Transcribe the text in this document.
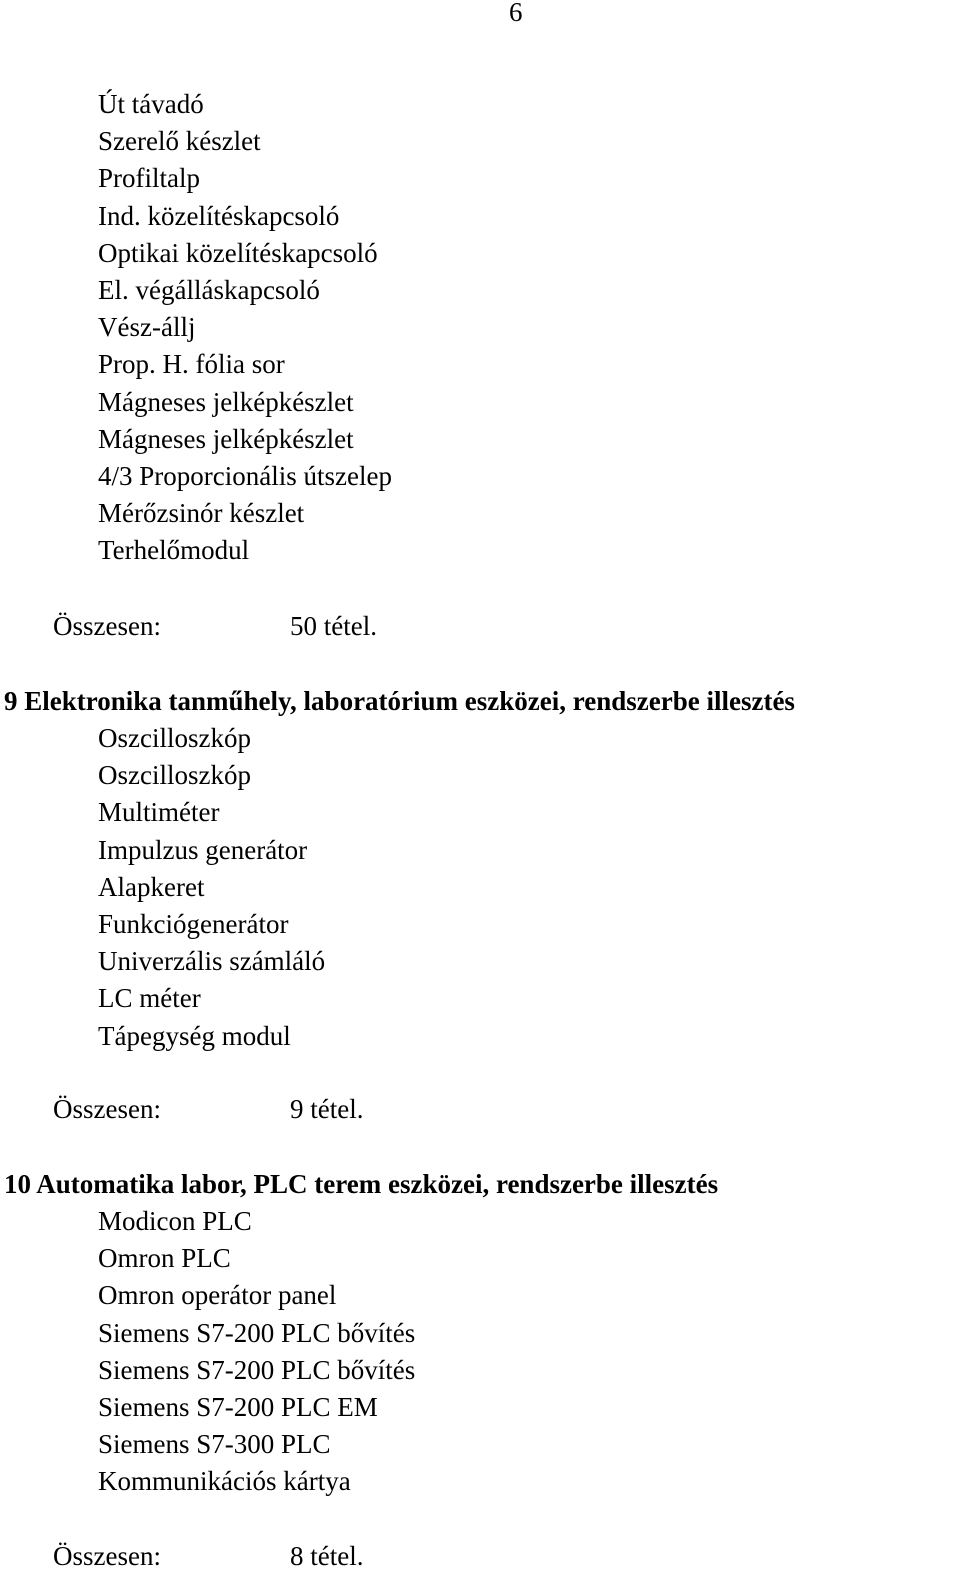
6
Út távadó
Szerelő készlet
Profiltalp
Ind. közelítéskapcsoló
Optikai közelítéskapcsoló
El. végálláskapcsoló
Vész-állj
Prop. H. fólia sor
Mágneses jelképkészlet
Mágneses jelképkészlet
4/3 Proporcionális útszelep
Mérőzsinór készlet
Terhelőmodul
Összesen:	50 tétel.
9 Elektronika tanműhely, laboratórium eszközei, rendszerbe illesztés
Oszcilloszkóp
Oszcilloszkóp
Multiméter
Impulzus generátor
Alapkeret
Funkciógenerátor
Univerzális számláló
LC méter
Tápegység modul
Összesen:	9 tétel.
10 Automatika labor, PLC terem eszközei, rendszerbe illesztés
Modicon PLC
Omron PLC
Omron operátor panel
Siemens S7-200 PLC bővítés
Siemens S7-200 PLC bővítés
Siemens S7-200 PLC EM
Siemens S7-300 PLC
Kommunikációs kártya
Összesen:	8 tétel.
